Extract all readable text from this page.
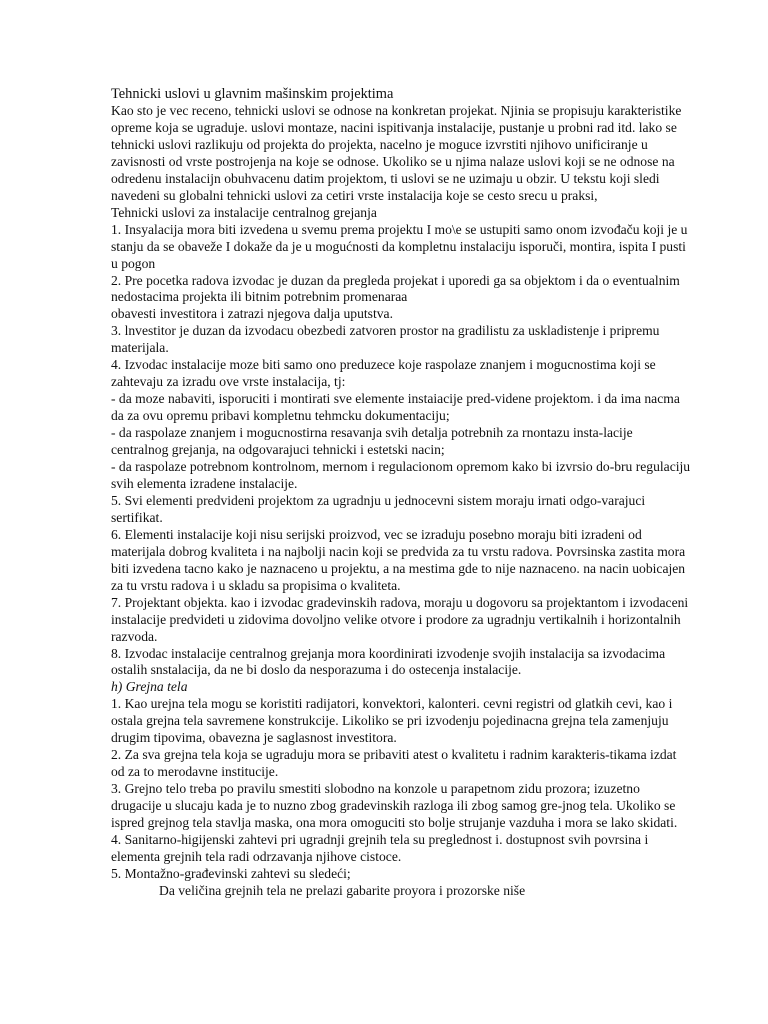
Tehnicki uslovi u glavnim mašinskim projektima

Kao sto je vec receno, tehnicki uslovi se odnose na konkretan projekat. Njinia se propisuju karakteristike opreme koja se ugraduje. uslovi montaze, nacini ispitivanja instalacije, pustanje u probni rad itd. lako se tehnicki uslovi razlikuju od projekta do projekta, nacelno je moguce izvrstiti njihovo unificiranje u zavisnosti od vrste postrojenja na koje se odnose. Ukoliko se u njima nalaze uslovi koji se ne odnose na odredenu instalacijn obuhvacenu datim projektom, ti uslovi se ne uzimaju u obzir. U tekstu koji sledi navedeni su globalni tehnicki uslovi za cetiri vrste instalacija koje se cesto srecu u praksi,

Tehnicki uslovi za instalacije centralnog grejanja

1. Insyalacija mora biti izvedena u svemu prema projektu I mo\e se ustupiti samo onom izvođaču koji je u stanju da se obaveže I dokaže da je u mogućnosti da kompletnu instalaciju isporuči, montira, ispita I pusti u pogon

2. Pre pocetka radova izvodac je duzan da pregleda projekat i uporedi ga sa objektom i da o eventualnim nedostacima projekta ili bitnim potrebnim promenaraa

obavesti investitora i zatrazi njegova dalja uputstva.

3. lnvestitor je duzan da izvodacu obezbedi zatvoren prostor na gradilistu za uskladistenje i pripremu materijala.

4. Izvodac instalacije moze biti samo ono preduzece koje raspolaze znanjem i mogucnostima koji se zahtevaju za izradu ove vrste instalacija, tj:

- da moze nabaviti, isporuciti i montirati sve elemente instaiacije pred-videne projektom. i da ima nacma da za ovu opremu pribavi kompletnu tehmcku dokumentaciju;

- da raspolaze znanjem i mogucnostirna resavanja svih detalja potrebnih za rnontazu insta-lacije centralnog grejanja, na odgovarajuci tehnicki i estetski nacin;

- da raspolaze potrebnom kontrolnom, mernom i regulacionom opremom kako bi izvrsio do-bru regulaciju svih elementa izradene instalacije.

5. Svi elementi predvideni projektom za ugradnju u jednocevni sistem moraju irnati odgo-varajuci sertifikat.

6. Elementi instalacije koji nisu serijski proizvod, vec se izraduju posebno moraju biti izradeni od materijala dobrog kvaliteta i na najbolji nacin koji se predvida za tu vrstu radova. Povrsinska zastita mora biti izvedena tacno kako je naznaceno u projektu, a na mestima gde to nije naznaceno. na nacin uobicajen za tu vrstu radova i u skladu sa propisima o kvaliteta.

7. Projektant objekta. kao i izvodac gradevinskih radova, moraju u dogovoru sa projektantom i izvodaceni instalacije predvideti u zidovima dovoljno velike otvore i prodore za ugradnju vertikalnih i horizontalnih razvoda.

8. Izvodac instalacije centralnog grejanja mora koordinirati izvodenje svojih instalacija sa izvodacima ostalih snstalacija, da ne bi doslo da nesporazuma i do ostecenja instalacije.

h) Grejna tela

1. Kao urejna tela mogu se koristiti radijatori, konvektori, kalonteri. cevni registri od glatkih cevi, kao i ostala grejna tela savremene konstrukcije. Likoliko se pri izvodenju pojedinacna grejna tela zamenjuju drugim tipovima, obavezna je saglasnost investitora.

2. Za sva grejna tela koja se ugraduju mora se pribaviti atest o kvalitetu i radnim karakteris-tikama izdat od za to merodavne institucije.

3. Grejno telo treba po pravilu smestiti slobodno na konzole u parapetnom zidu prozora; izuzetno drugacije u slucaju kada je to nuzno zbog gradevinskih razloga ili zbog samog gre-jnog tela. Ukoliko se ispred grejnog tela stavlja maska, ona mora omoguciti sto bolje strujanje vazduha i mora se lako skidati.

4. Sanitarno-higijenski zahtevi pri ugradnji grejnih tela su preglednost i. dostupnost svih povrsina i elementa grejnih tela radi odrzavanja njihove cistoce.

5. Montažno-građevinski zahtevi su sledeći;

Da veličina grejnih tela ne prelazi gabarite proyora i prozorske niše
